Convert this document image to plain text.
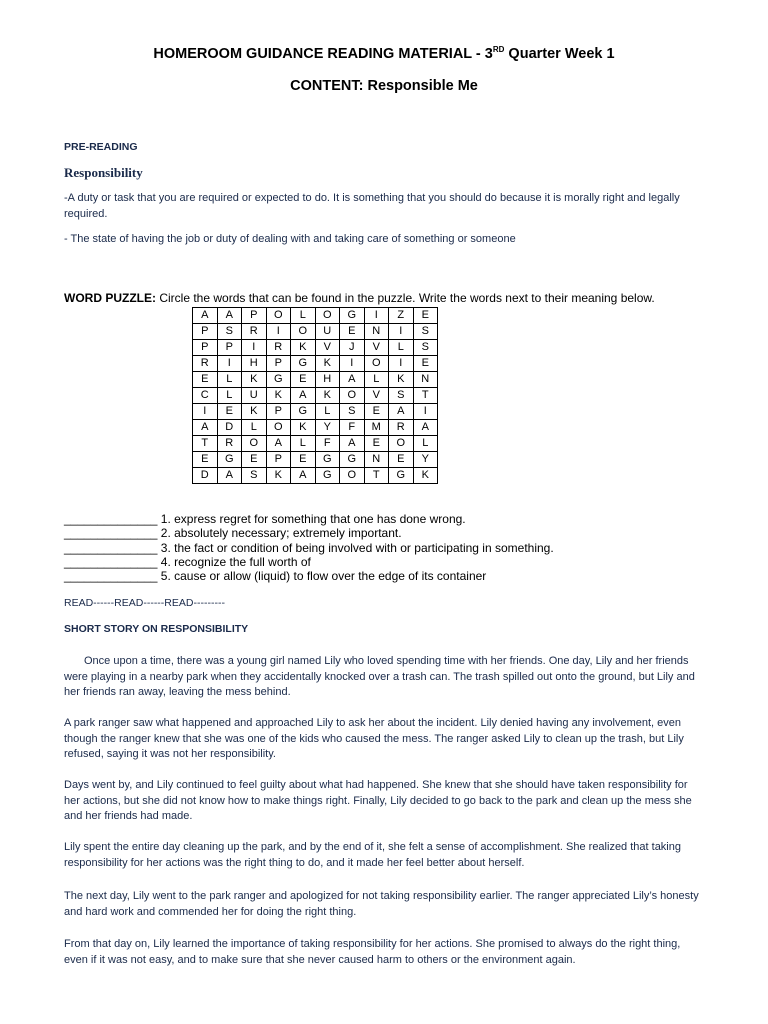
HOMEROOM GUIDANCE READING MATERIAL - 3RD Quarter Week 1
CONTENT: Responsible Me
PRE-READING
Responsibility
-A duty or task that you are required or expected to do. It is something that you should do because it is morally right and legally required.
- The state of having the job or duty of dealing with and taking care of something or someone
WORD PUZZLE: Circle the words that can be found in the puzzle. Write the words next to their meaning below.
A	A	P	O	L	O	G	I	Z	E
P	S	R	I	O	U	E	N	I	S
P	P	I	R	K	V	J	V	L	S
R	I	H	P	G	K	I	O	I	E
E	L	K	G	E	H	A	L	K	N
C	L	U	K	A	K	O	V	S	T
I	E	K	P	G	L	S	E	A	I
A	D	L	O	K	Y	F	M	R	A
T	R	O	A	L	F	A	E	O	L
E	G	E	P	E	G	G	N	E	Y
D	A	S	K	A	G	O	T	G	K
______________ 1. express regret for something that one has done wrong.
______________ 2. absolutely necessary; extremely important.
______________ 3. the fact or condition of being involved with or participating in something.
______________ 4. recognize the full worth of
______________ 5. cause or allow (liquid) to flow over the edge of its container
READ------READ------READ---------
SHORT STORY ON RESPONSIBILITY
Once upon a time, there was a young girl named Lily who loved spending time with her friends. One day, Lily and her friends were playing in a nearby park when they accidentally knocked over a trash can. The trash spilled out onto the ground, but Lily and her friends ran away, leaving the mess behind.
A park ranger saw what happened and approached Lily to ask her about the incident. Lily denied having any involvement, even though the ranger knew that she was one of the kids who caused the mess. The ranger asked Lily to clean up the trash, but Lily refused, saying it was not her responsibility.
Days went by, and Lily continued to feel guilty about what had happened. She knew that she should have taken responsibility for her actions, but she did not know how to make things right. Finally, Lily decided to go back to the park and clean up the mess she and her friends had made.
Lily spent the entire day cleaning up the park, and by the end of it, she felt a sense of accomplishment. She realized that taking responsibility for her actions was the right thing to do, and it made her feel better about herself.
The next day, Lily went to the park ranger and apologized for not taking responsibility earlier. The ranger appreciated Lily’s honesty and hard work and commended her for doing the right thing.
From that day on, Lily learned the importance of taking responsibility for her actions. She promised to always do the right thing, even if it was not easy, and to make sure that she never caused harm to others or the environment again.
